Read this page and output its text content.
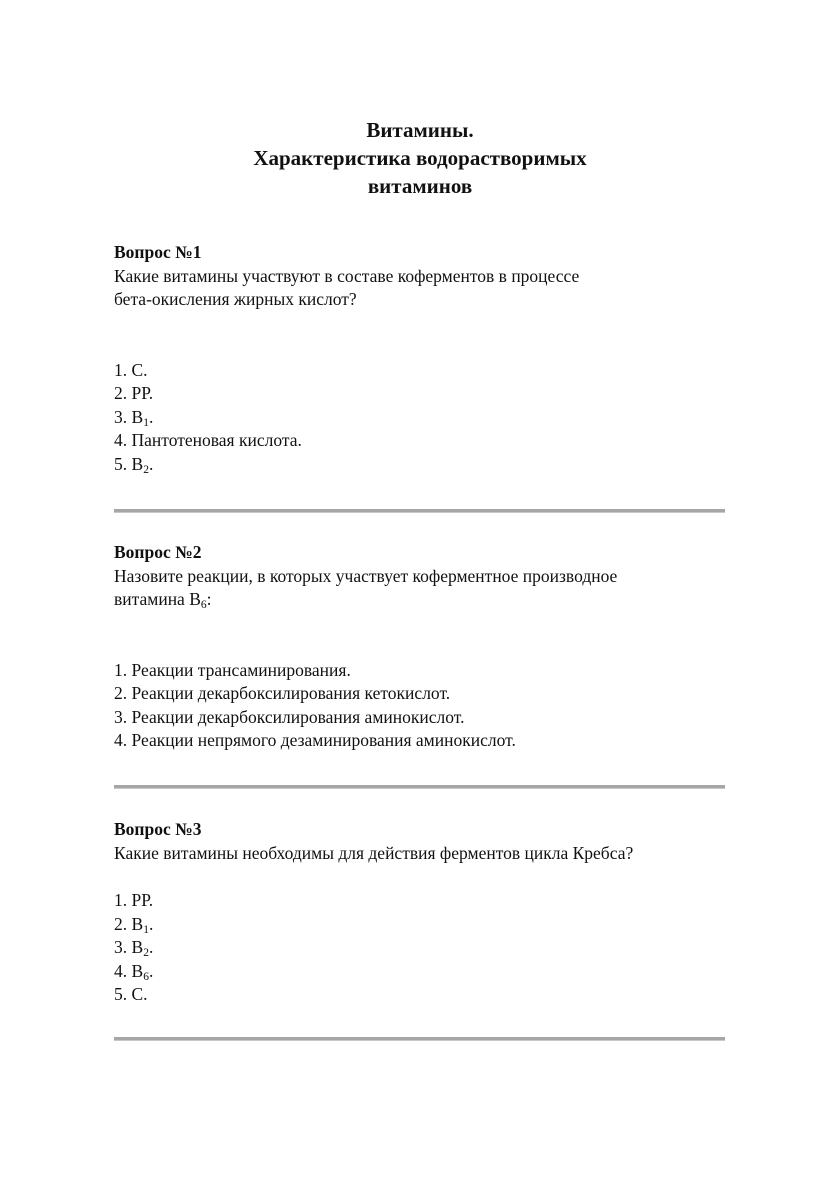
Витамины.
Характеристика водорастворимых
витаминов
Вопрос №1
Какие витамины участвуют в составе коферментов в процессе
бета-окисления жирных кислот?
1. С.
2. РР.
3. $В_1$.
4. Пантотеновая кислота.
5. $В_2$.
Вопрос №2
Назовите реакции, в которых участвует коферментное производное
витамина $В_6$:
1. Реакции трансаминирования.
2. Реакции декарбоксилирования кетокислот.
3. Реакции декарбоксилирования аминокислот.
4. Реакции непрямого дезаминирования аминокислот.
Вопрос №3
Какие витамины необходимы для действия ферментов цикла Кребса?
1. РР.
2. $В_1$.
3. $В_2$.
4. $В_6$.
5. С.
